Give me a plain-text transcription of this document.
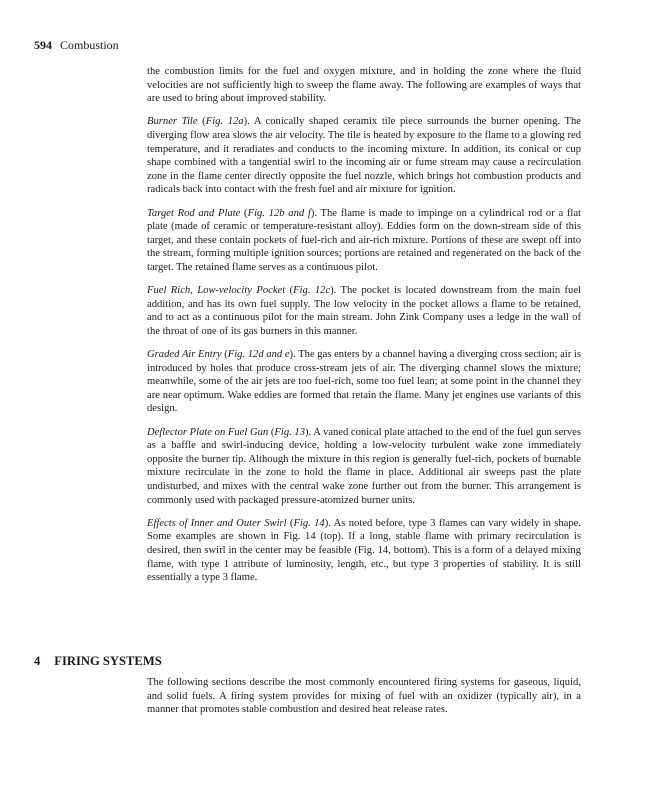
594 Combustion

the combustion limits for the fuel and oxygen mixture, and in holding the zone where the fluid velocities are not sufficiently high to sweep the flame away. The following are examples of ways that are used to bring about improved stability.

Burner Tile (Fig. 12a). A conically shaped ceramix tile piece surrounds the burner opening. The diverging flow area slows the air velocity. The tile is heated by exposure to the flame to a glowing red temperature, and it reradiates and conducts to the incoming mixture. In addition, its conical or cup shape combined with a tangential swirl to the incoming air or fume stream may cause a recirculation zone in the flame center directly opposite the fuel nozzle, which brings hot combustion products and radicals back into contact with the fresh fuel and air mixture for ignition.

Target Rod and Plate (Fig. 12b and f). The flame is made to impinge on a cylindrical rod or a flat plate (made of ceramic or temperature-resistant alloy). Eddies form on the down-stream side of this target, and these contain pockets of fuel-rich and air-rich mixture. Portions of these are swept off into the stream, forming multiple ignition sources; portions are retained and regenerated on the back of the target. The retained flame serves as a continuous pilot.

Fuel Rich, Low-velocity Pocket (Fig. 12c). The pocket is located downstream from the main fuel addition, and has its own fuel supply. The low velocity in the pocket allows a flame to be retained, and to act as a continuous pilot for the main stream. John Zink Company uses a ledge in the wall of the throat of one of its gas burners in this manner.

Graded Air Entry (Fig. 12d and e). The gas enters by a channel having a diverging cross section; air is introduced by holes that produce cross-stream jets of air. The diverging channel slows the mixture; meanwhile, some of the air jets are too fuel-rich, some too fuel lean; at some point in the channel they are near optimum. Wake eddies are formed that retain the flame. Many jet engines use variants of this design.

Deflector Plate on Fuel Gun (Fig. 13). A vaned conical plate attached to the end of the fuel gun serves as a baffle and swirl-inducing device, holding a low-velocity turbulent wake zone immediately opposite the burner tip. Although the mixture in this region is generally fuel-rich, pockets of burnable mixture recirculate in the zone to hold the flame in place. Additional air sweeps past the plate undisturbed, and mixes with the central wake zone further out from the burner. This arrangement is commonly used with packaged pressure-atomized burner units.

Effects of Inner and Outer Swirl (Fig. 14). As noted before, type 3 flames can vary widely in shape. Some examples are shown in Fig. 14 (top). If a long, stable flame with primary recirculation is desired, then swirl in the center may be feasible (Fig. 14, bottom). This is a form of a delayed mixing flame, with type 1 attribute of luminosity, length, etc., but type 3 properties of stability. It is still essentially a type 3 flame.

4 FIRING SYSTEMS

The following sections describe the most commonly encountered firing systems for gaseous, liquid, and solid fuels. A firing system provides for mixing of fuel with an oxidizer (typically air), in a manner that promotes stable combustion and desired heat release rates.
